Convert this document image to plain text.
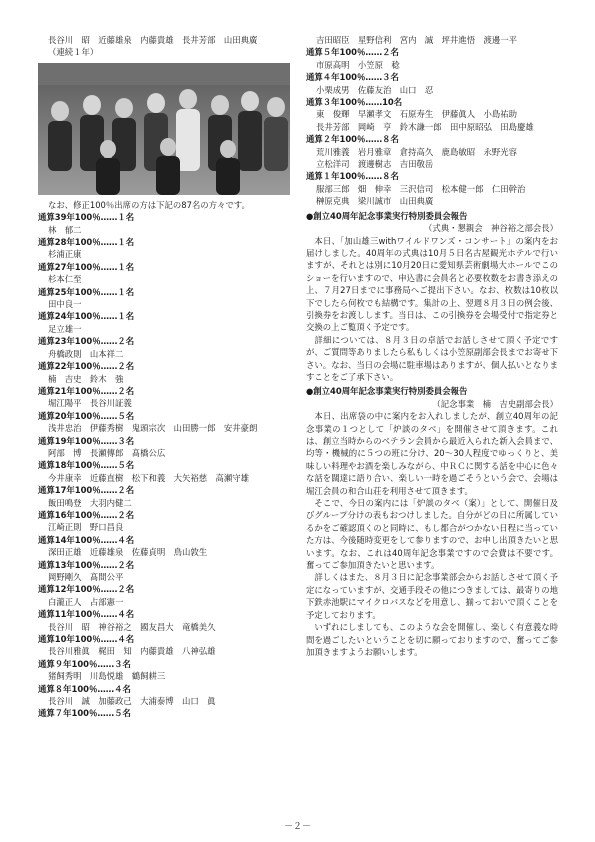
長谷川　昭　近藤雄泉　内藤貴雄　長井芳部　山田典廣
（連続１年）
なお、修正100％出席の方は下記の87名の方々です。
通算39年100％……１名
林　郁二
通算28年100％……１名
杉浦正康
通算27年100％……１名
杉本仁至
通算25年100％……１名
田中良一
通算24年100％……１名
足立雄一
通算23年100％……２名
舟橋政則　山本祥二
通算22年100％……２名
楠　吉史　鈴木　強
通算21年100％……２名
堀江陽平　長谷川証義
通算20年100％……５名
浅井忠治　伊藤秀樹　鬼頭宗次　山田勝一郎　安井豪朗
通算19年100％……３名
阿部　博　長瀬傳郎　髙橋公広
通算18年100％……５名
今井康幸　近藤直樹　松下和義　大矢裕慈　高瀬守雄
通算17年100％……２名
飯田鳴登　大羽内健二
通算16年100％……２名
江崎正則　野口昌良
通算14年100％……４名
深田正雄　近藤雄泉　佐藤貞明　鳥山敦生
通算13年100％……２名
岡野剛久　髙間公平
通算12年100％……２名
白瀧正人　占部憲一
通算11年100％……４名
長谷川　昭　神谷裕之　國友昌大　竜橋美久
通算10年100％……４名
長谷川雅眞　梶田　知　内藤貴雄　八神弘雄
通算９年100％……３名
猪飼秀明　川島悦雄　鶴飼耕三
通算８年100％……４名
長谷川　誠　加藤政己　大浦泰博　山口　眞
通算７年100％……５名
吉田昭臣　星野信利　宮内　誠　坪井進悟　渡邊一平
通算５年100％……２名
市原高明　小笠原　稔
通算４年100％……３名
小栗成男　佐藤友治　山口　忍
通算３年100％……10名
東　俊輝　早瀬孝文　石原寿生　伊藤眞人　小島祐助
長井芳部　岡崎　亨　鈴木謙一郎　田中原昭弘　田島慶雄
通算２年100％……８名
荒川雅義　岩月雅章　倉持高久　鹿島敏昭　永野光容
立松洋司　渡邊樹志　吉田敬岳
通算１年100％……８名
服部三郎　畑　伸幸　三沢信司　松本健一郎　仁田幹治
榊原克典　梁川誠市　山田典廣
●創立40周年記念事業実行特別委員会報告
（式典・懇親会　神谷裕之部会長）
本日、「加山雄三withワイルドワンズ・コンサート」の案内をお届けしました。40周年の式典は10月５日名古屋観光ホテルで行いますが、それとは別に10月20日に愛知県芸術劇場大ホールでこのショーを行いますので、申込書に会員名と必要枚数をお書き添えの上、７月27日までに事務局へご提出下さい。なお、枚数は10枚以下でしたら何枚でも結構です。集計の上、翌週８月３日の例会後、引換券をお渡しします。当日は、この引換券を会場受付で指定券と交換の上ご覧頂く予定です。
詳細については、８月３日の卓話でお話しさせて頂く予定ですが、ご質問等ありましたら私もしくは小笠原副部会長までお寄せ下さい。なお、当日の会場に駐車場はありますが、個人払いとなりますことをご了承下さい。
●創立40周年記念事業実行特別委員会報告
（記念事業　楠　吉史副部会長）
本日、出席袋の中に案内をお入れしましたが、創立40周年の記念事業の１つとして「炉談のタベ」を開催させて頂きます。これは、創立当時からのベテラン会員から最近入られた新入会員まで、均等・機械的に５つの班に分け、20～30人程度でゆっくりと、美味しい料理やお酒を楽しみながら、中ＲＣに関する話を中心に色々な話を闊達に語り合い、楽しい一時を過ごそうという会で、会場は堀江会員の和合山荘を利用させて頂きます。
そこで、今日の案内には「炉談のタベ（案）」として、開催日及びグループ分けの表もおつけしました。自分がどの日に所属しているかをご確認頂くのと同時に、もし都合がつかない日程に当っていた方は、今後随時変更をして参りますので、お申し出頂きたいと思います。なお、これは40周年記念事業ですので会費は不要です。奮ってご参加頂きたいと思います。
詳しくはまた、８月３日に記念事業部会からお話しさせて頂く予定になっていますが、交通手段その他につきましては、最寄りの地下鉄赤池駅にマイクロバスなどを用意し、揃っておいで頂くことを予定しております。
いずれにしましても、このような会を開催し、楽しく有意義な時間を過ごしたいということを切に願っておりますので、奮ってご参加頂きますようお願いします。
－２－
